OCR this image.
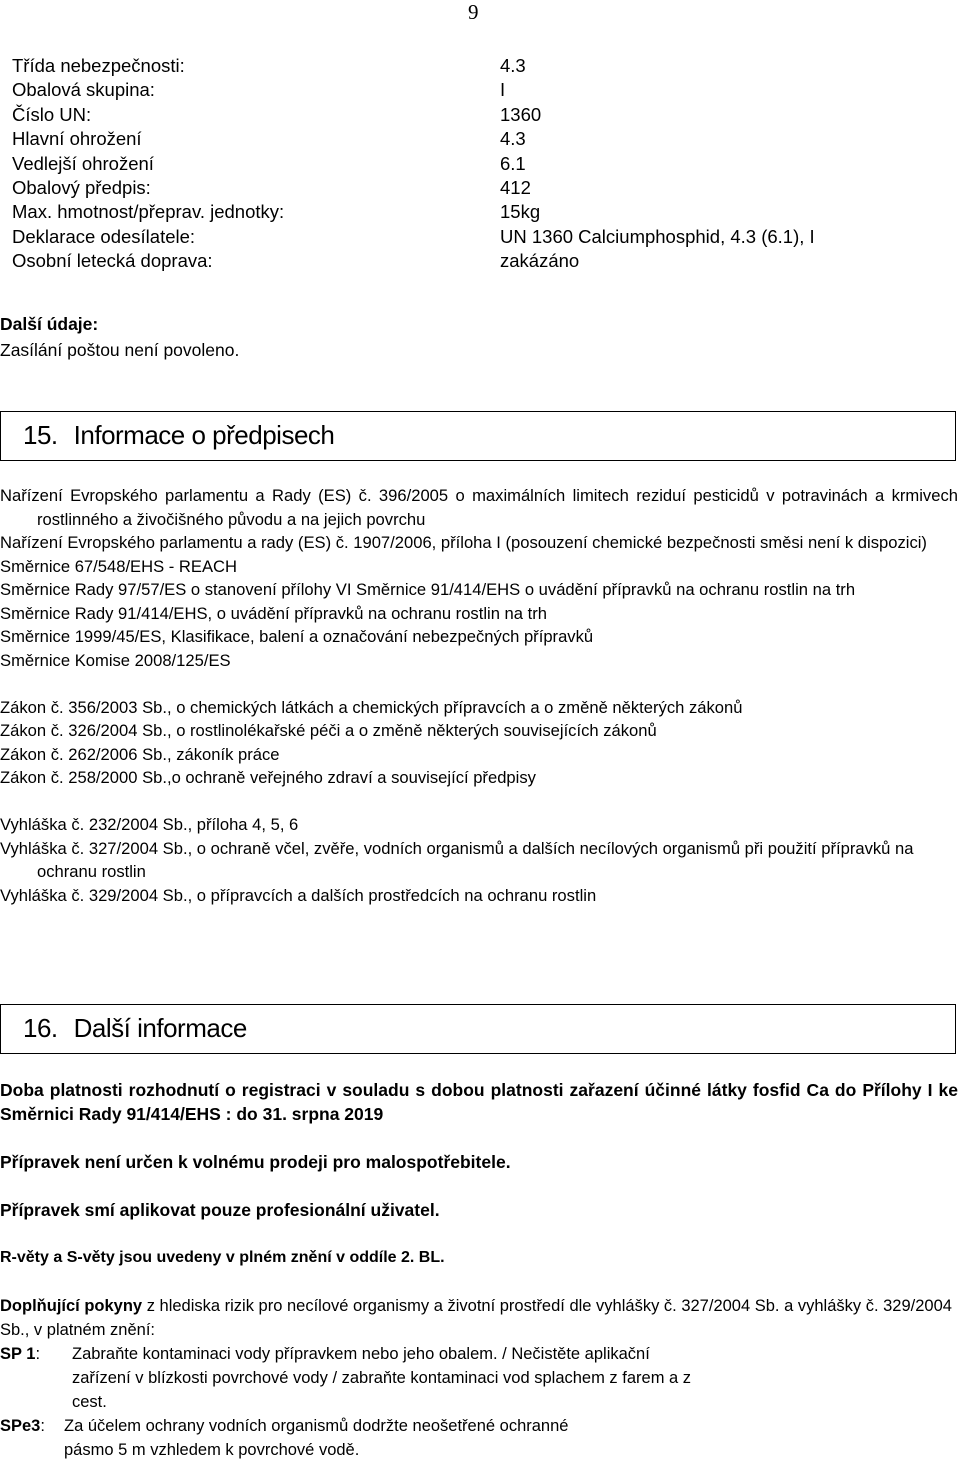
9
Třída nebezpečnosti:	4.3
Obalová skupina:	I
Číslo UN:	1360
Hlavní ohrožení	4.3
Vedlejší ohrožení	6.1
Obalový předpis:	412
Max. hmotnost/přeprav. jednotky:	15kg
Deklarace odesílatele:	UN 1360 Calciumphosphid, 4.3 (6.1), I
Osobní letecká doprava:	zakázáno
Další údaje:
Zasílání poštou není povoleno.
15. Informace o předpisech
Nařízení Evropského parlamentu a Rady (ES) č. 396/2005 o maximálních limitech reziduí pesticidů v potravinách a krmivech rostlinného a živočišného původu a na jejich povrchu
Nařízení Evropského parlamentu a rady (ES) č. 1907/2006, příloha I (posouzení chemické bezpečnosti směsi není k dispozici)
Směrnice 67/548/EHS - REACH
Směrnice Rady 97/57/ES o stanovení přílohy VI Směrnice 91/414/EHS o uvádění přípravků na ochranu rostlin na trh
Směrnice Rady 91/414/EHS, o uvádění přípravků na ochranu rostlin na trh
Směrnice 1999/45/ES, Klasifikace, balení a označování nebezpečných přípravků
Směrnice Komise 2008/125/ES
Zákon č. 356/2003 Sb., o chemických látkách a chemických přípravcích a o změně některých zákonů
Zákon č. 326/2004 Sb., o rostlinolékařské péči a o změně některých souvisejících zákonů
Zákon č. 262/2006 Sb., zákoník práce
Zákon č. 258/2000 Sb.,o ochraně veřejného zdraví a související předpisy
Vyhláška č. 232/2004 Sb., příloha 4, 5, 6
Vyhláška č. 327/2004 Sb., o ochraně včel, zvěře, vodních organismů a dalších necílových organismů při použití přípravků na ochranu rostlin
Vyhláška č. 329/2004 Sb., o přípravcích a dalších prostředcích na ochranu rostlin
16. Další informace
Doba platnosti rozhodnutí o registraci v souladu s dobou platnosti zařazení účinné látky fosfid Ca do Přílohy I ke Směrnici Rady 91/414/EHS : do 31. srpna 2019
Přípravek není určen k volnému prodeji pro malospotřebitele.
Přípravek smí aplikovat pouze profesionální uživatel.
R-věty a S-věty jsou uvedeny v plném znění v oddíle 2. BL.
Doplňující pokyny z hlediska rizik pro necílové organismy a životní prostředí dle vyhlášky č. 327/2004 Sb. a vyhlášky č. 329/2004 Sb., v platném znění:
SP 1:	Zabraňte kontaminaci vody přípravkem nebo jeho obalem. / Nečistěte aplikační zařízení v blízkosti povrchové vody / zabraňte kontaminaci vod splachem z farem a z cest.
SPe3:	Za účelem ochrany vodních organismů dodržte neošetřené ochranné pásmo 5 m vzhledem k povrchové vodě.
